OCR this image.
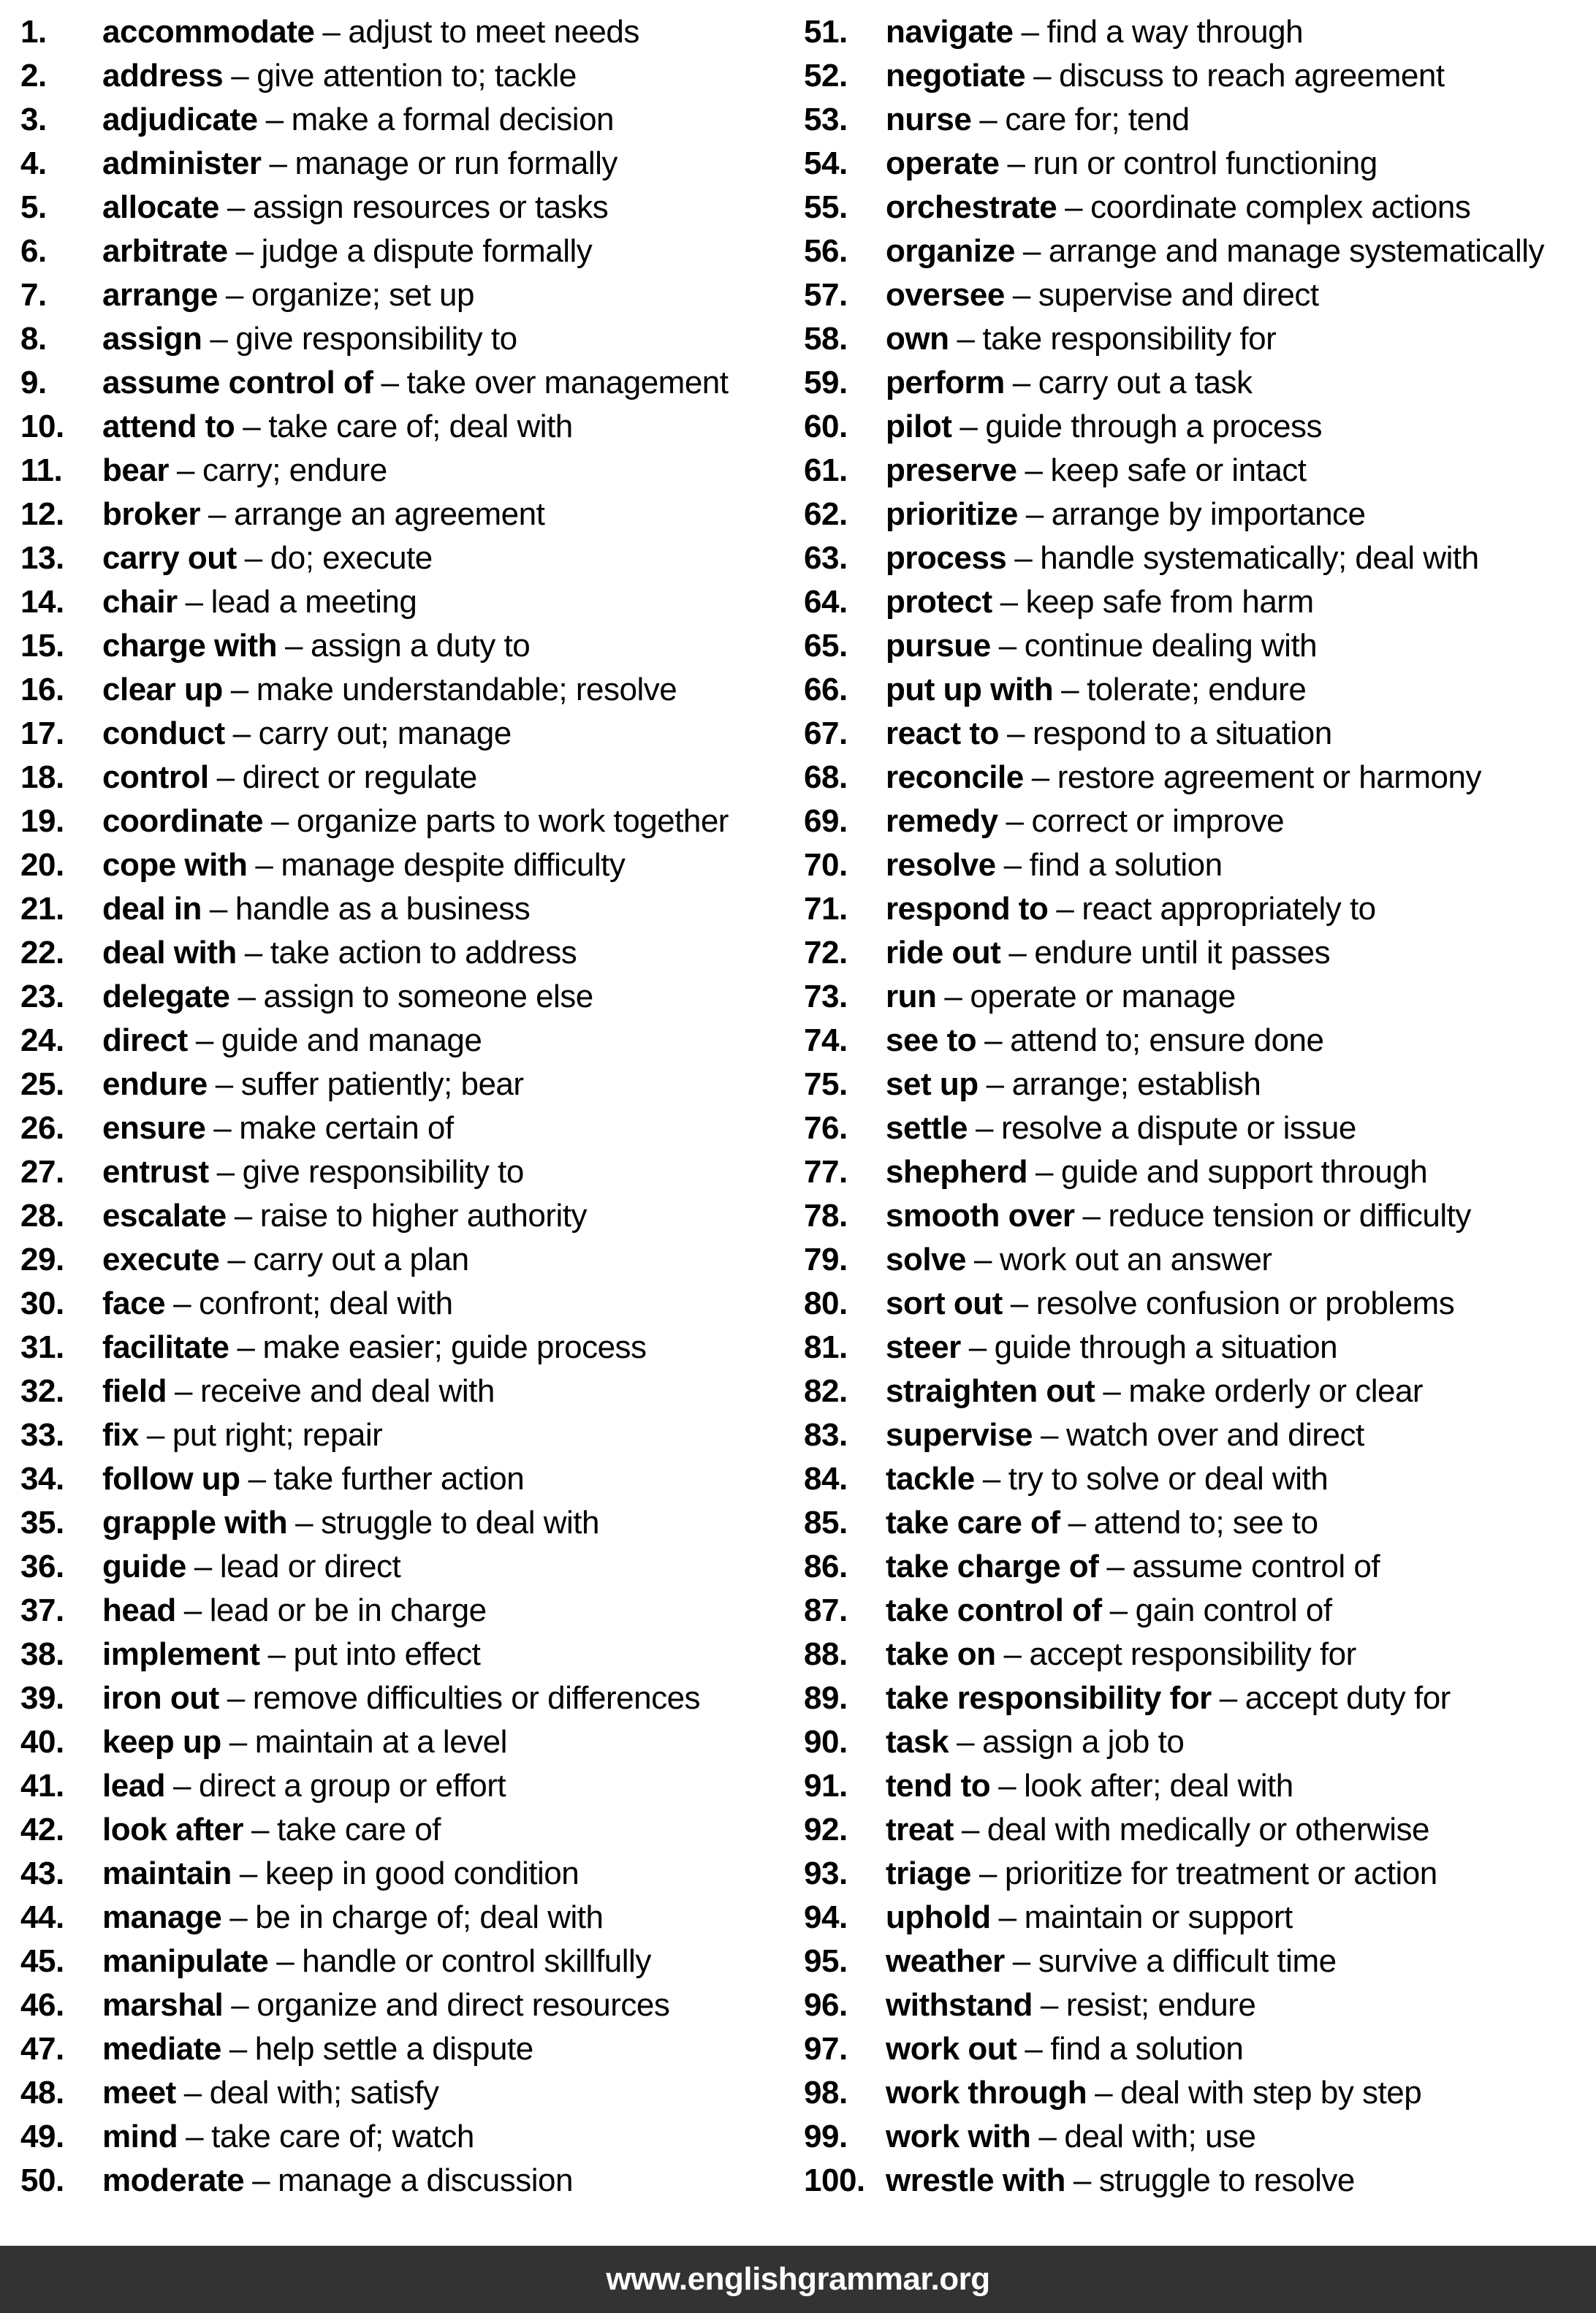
1.	accommodate – adjust to meet needs
2.	address – give attention to; tackle
3.	adjudicate – make a formal decision
4.	administer – manage or run formally
5.	allocate – assign resources or tasks
6.	arbitrate – judge a dispute formally
7.	arrange – organize; set up
8.	assign – give responsibility to
9.	assume control of – take over management
10.	attend to – take care of; deal with
11.	bear – carry; endure
12.	broker – arrange an agreement
13.	carry out – do; execute
14.	chair – lead a meeting
15.	charge with – assign a duty to
16.	clear up – make understandable; resolve
17.	conduct – carry out; manage
18.	control – direct or regulate
19.	coordinate – organize parts to work together
20.	cope with – manage despite difficulty
21.	deal in – handle as a business
22.	deal with – take action to address
23.	delegate – assign to someone else
24.	direct – guide and manage
25.	endure – suffer patiently; bear
26.	ensure – make certain of
27.	entrust – give responsibility to
28.	escalate – raise to higher authority
29.	execute – carry out a plan
30.	face – confront; deal with
31.	facilitate – make easier; guide process
32.	field – receive and deal with
33.	fix – put right; repair
34.	follow up – take further action
35.	grapple with – struggle to deal with
36.	guide – lead or direct
37.	head – lead or be in charge
38.	implement – put into effect
39.	iron out – remove difficulties or differences
40.	keep up – maintain at a level
41.	lead – direct a group or effort
42.	look after – take care of
43.	maintain – keep in good condition
44.	manage – be in charge of; deal with
45.	manipulate – handle or control skillfully
46.	marshal – organize and direct resources
47.	mediate – help settle a dispute
48.	meet – deal with; satisfy
49.	mind – take care of; watch
50.	moderate – manage a discussion
51.	navigate – find a way through
52.	negotiate – discuss to reach agreement
53.	nurse – care for; tend
54.	operate – run or control functioning
55.	orchestrate – coordinate complex actions
56.	organize – arrange and manage systematically
57.	oversee – supervise and direct
58.	own – take responsibility for
59.	perform – carry out a task
60.	pilot – guide through a process
61.	preserve – keep safe or intact
62.	prioritize – arrange by importance
63.	process – handle systematically; deal with
64.	protect – keep safe from harm
65.	pursue – continue dealing with
66.	put up with – tolerate; endure
67.	react to – respond to a situation
68.	reconcile – restore agreement or harmony
69.	remedy – correct or improve
70.	resolve – find a solution
71.	respond to – react appropriately to
72.	ride out – endure until it passes
73.	run – operate or manage
74.	see to – attend to; ensure done
75.	set up – arrange; establish
76.	settle – resolve a dispute or issue
77.	shepherd – guide and support through
78.	smooth over – reduce tension or difficulty
79.	solve – work out an answer
80.	sort out – resolve confusion or problems
81.	steer – guide through a situation
82.	straighten out – make orderly or clear
83.	supervise – watch over and direct
84.	tackle – try to solve or deal with
85.	take care of – attend to; see to
86.	take charge of – assume control of
87.	take control of – gain control of
88.	take on – accept responsibility for
89.	take responsibility for – accept duty for
90.	task – assign a job to
91.	tend to – look after; deal with
92.	treat – deal with medically or otherwise
93.	triage – prioritize for treatment or action
94.	uphold – maintain or support
95.	weather – survive a difficult time
96.	withstand – resist; endure
97.	work out – find a solution
98.	work through – deal with step by step
99.	work with – deal with; use
100. wrestle with – struggle to resolve
www.englishgrammar.org
